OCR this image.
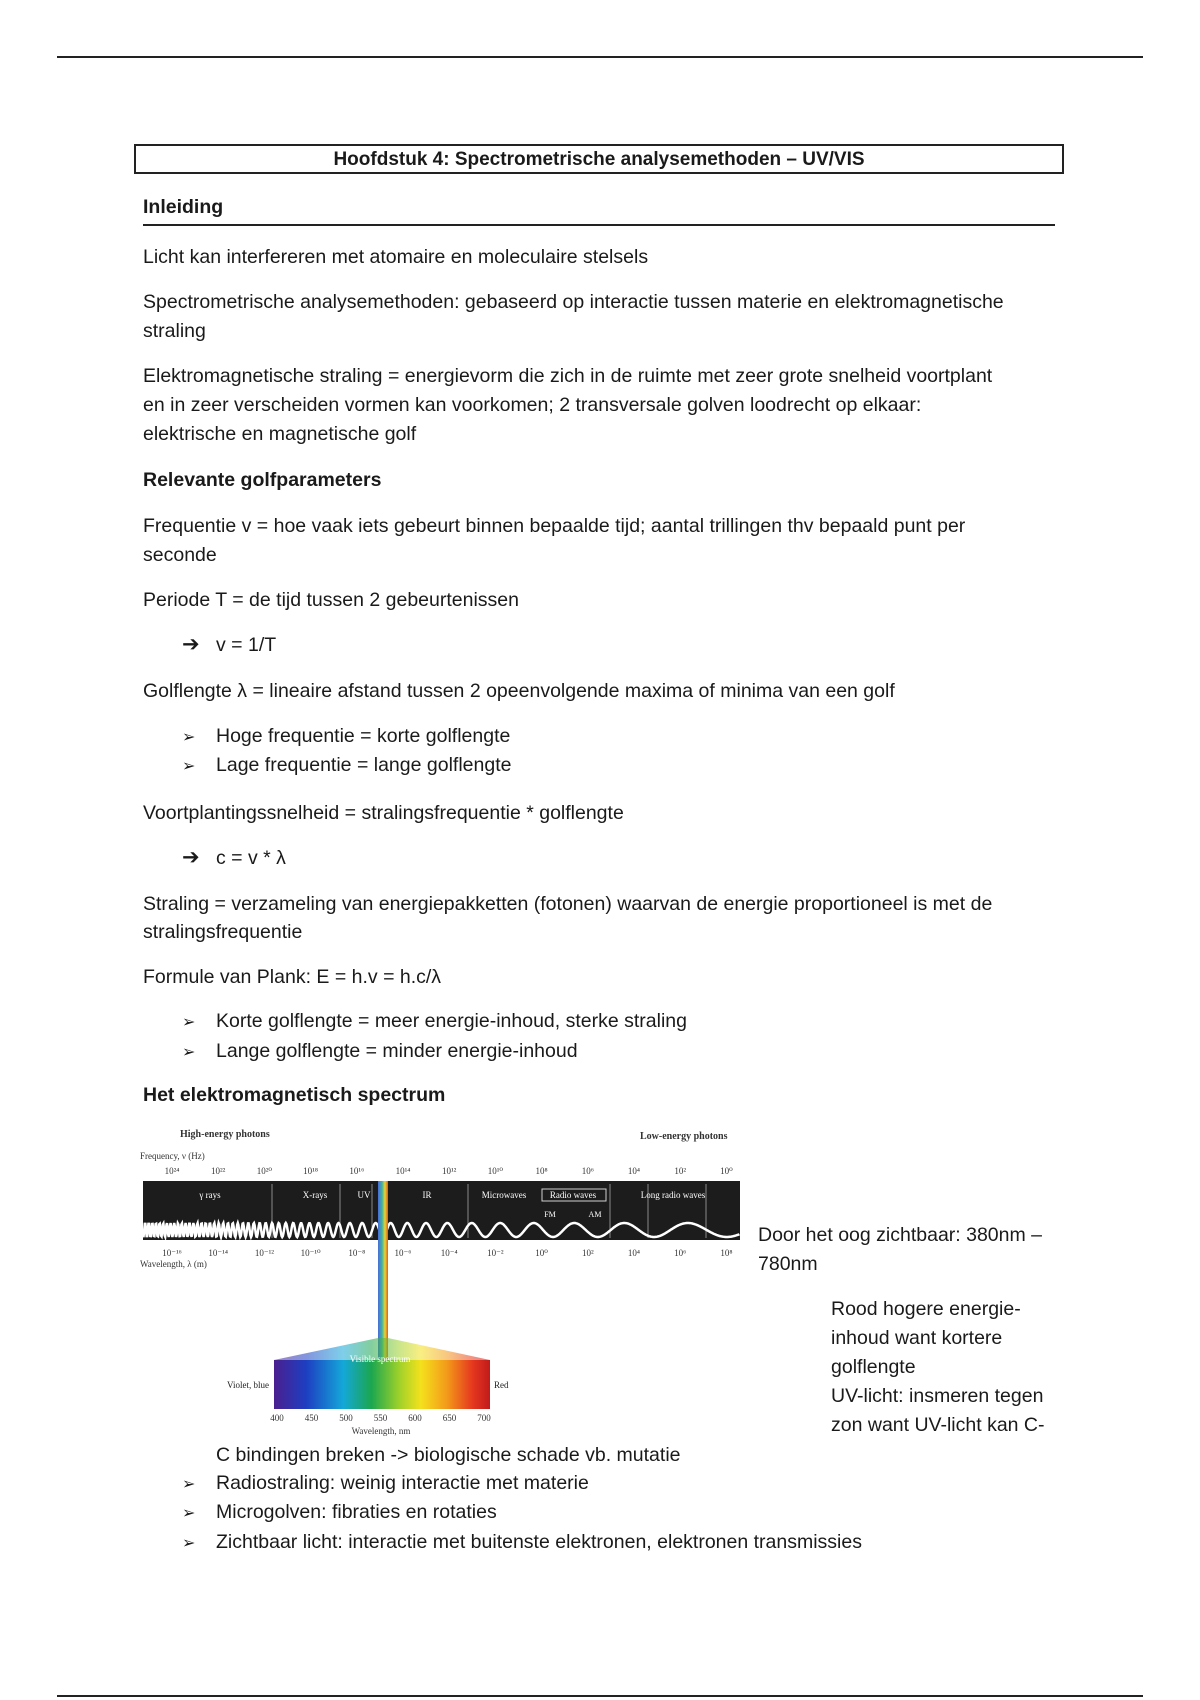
Hoofdstuk 4: Spectrometrische analysemethoden – UV/VIS
Inleiding
Licht kan interfereren met atomaire en moleculaire stelsels
Spectrometrische analysemethoden: gebaseerd op interactie tussen materie en elektromagnetische
straling
Elektromagnetische straling = energievorm die zich in de ruimte met zeer grote snelheid voortplant
en in zeer verscheiden vormen kan voorkomen; 2 transversale golven loodrecht op elkaar:
elektrische en magnetische golf
Relevante golfparameters
Frequentie v = hoe vaak iets gebeurt binnen bepaalde tijd; aantal trillingen thv bepaald punt per
seconde
Periode T = de tijd tussen 2 gebeurtenissen
➔ v = 1/T
Golflengte λ = lineaire afstand tussen 2 opeenvolgende maxima of minima van een golf
➢ Hoge frequentie = korte golflengte
➢ Lage frequentie = lange golflengte
Voortplantingssnelheid = stralingsfrequentie * golflengte
➔ c = v * λ
Straling = verzameling van energiepakketten (fotonen) waarvan de energie proportioneel is met de
stralingsfrequentie
Formule van Plank: E = h.v = h.c/λ
➢ Korte golflengte = meer energie-inhoud, sterke straling
➢ Lange golflengte = minder energie-inhoud
Het elektromagnetisch spectrum
High-energy photons	Low-energy photons
Frequency, ν (Hz)
10²⁴	10²²	10²⁰	10¹⁸	10¹⁶	10¹⁴	10¹²	10¹⁰	10⁸	10⁶	10⁴	10²	10⁰
γ rays	X-rays	UV	IR	Microwaves	Radio waves	Long radio waves
FM	AM
10⁻¹⁶	10⁻¹⁴	10⁻¹²	10⁻¹⁰	10⁻⁸	10⁻⁶	10⁻⁴	10⁻²	10⁰	10²	10⁴	10⁶	10⁸
Wavelength, λ (m)
Visible spectrum
Violet, blue	Red
400 450 500 550 600 650 700
Wavelength, nm
Door het oog zichtbaar: 380nm –
780nm
Rood hogere energie-
inhoud want kortere
golflengte
UV-licht: insmeren tegen
zon want UV-licht kan C-
C bindingen breken -> biologische schade vb. mutatie
➢ Radiostraling: weinig interactie met materie
➢ Microgolven: fibraties en rotaties
➢ Zichtbaar licht: interactie met buitenste elektronen, elektronen transmissies
